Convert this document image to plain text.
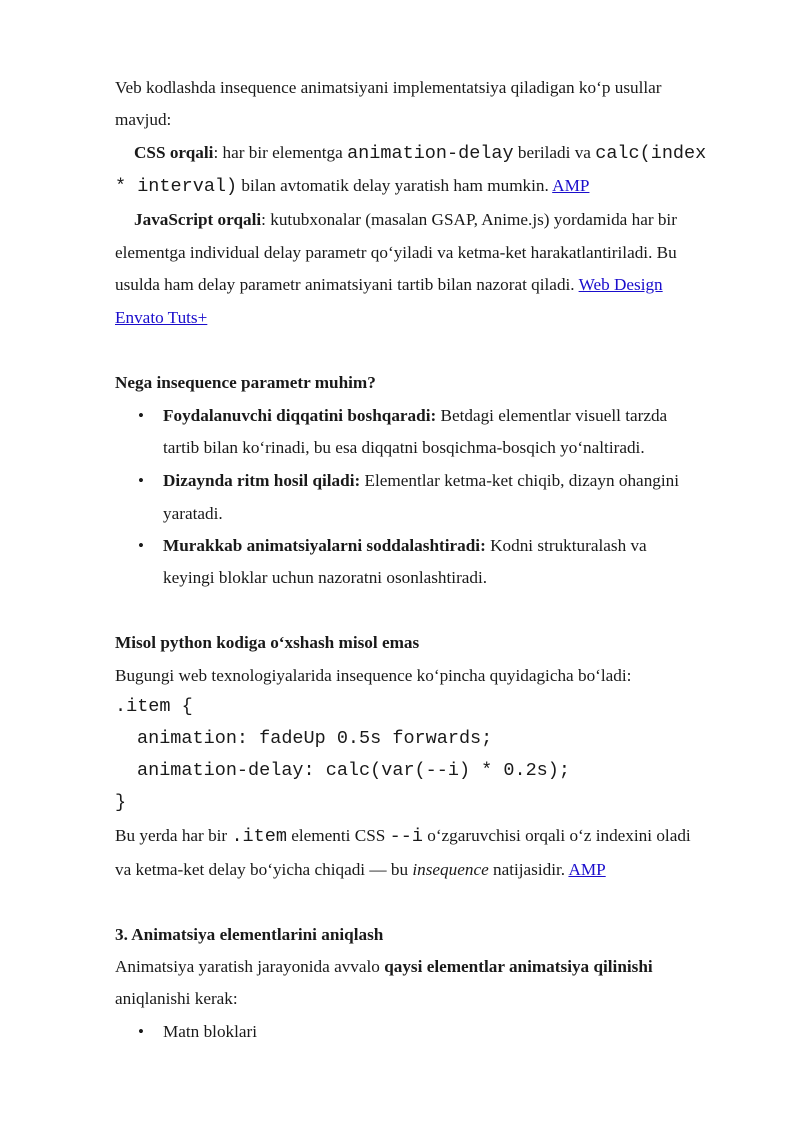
Veb kodlashda insequence animatsiyani implementatsiya qiladigan koʻp usullar
mavjud:
CSS orqali: har bir elementga animation-delay beriladi va calc(index
* interval) bilan avtomatik delay yaratish ham mumkin. AMP
JavaScript orqali: kutubxonalar (masalan GSAP, Anime.js) yordamida har bir
elementga individual delay parametr qoʻyiladi va ketma-ket harakatlantiriladi. Bu
usulda ham delay parametr animatsiyani tartib bilan nazorat qiladi. Web Design
Envato Tuts+
Nega insequence parametr muhim?
• Foydalanuvchi diqqatini boshqaradi: Betdagi elementlar visuell tarzda
tartib bilan koʻrinadi, bu esa diqqatni bosqichma-bosqich yoʻnaltiradi.
• Dizaynda ritm hosil qiladi: Elementlar ketma-ket chiqib, dizayn ohangini
yaratadi.
• Murakkab animatsiyalarni soddalashtiradi: Kodni strukturalash va
keyingi bloklar uchun nazoratni osonlashtiradi.
Misol python kodiga oʻxshash misol emas
Bugungi web texnologiyalarida insequence koʻpincha quyidagicha boʻladi:
.item {
animation: fadeUp 0.5s forwards;
animation-delay: calc(var(--i) * 0.2s);
}
Bu yerda har bir .item elementi CSS --i oʻzgaruvchisi orqali oʻz indexini oladi
va ketma-ket delay boʻyicha chiqadi — bu insequence natijasidir. AMP
3. Animatsiya elementlarini aniqlash
Animatsiya yaratish jarayonida avvalo qaysi elementlar animatsiya qilinishi
aniqlanishi kerak:
• Matn bloklari
